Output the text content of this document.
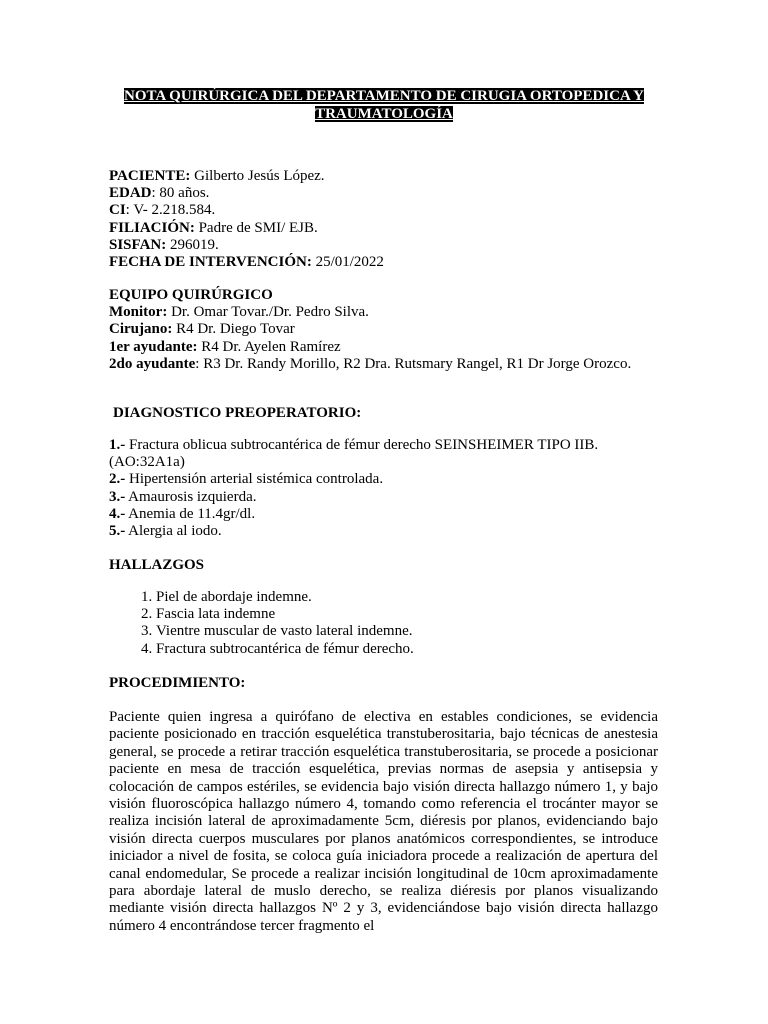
NOTA QUIRÚRGICA DEL DEPARTAMENTO DE CIRUGIA ORTOPEDICA Y
TRAUMATOLOGÍA
PACIENTE: Gilberto Jesús López.
EDAD: 80 años.
CI: V- 2.218.584.
FILIACIÓN: Padre de SMI/ EJB.
SISFAN: 296019.
FECHA DE INTERVENCIÓN: 25/01/2022
EQUIPO QUIRÚRGICO
Monitor: Dr. Omar Tovar./Dr. Pedro Silva.
Cirujano: R4 Dr. Diego Tovar
1er ayudante: R4 Dr. Ayelen Ramírez
2do ayudante: R3 Dr. Randy Morillo, R2 Dra. Rutsmary Rangel, R1 Dr Jorge Orozco.
DIAGNOSTICO PREOPERATORIO:
1.- Fractura oblicua subtrocantérica de fémur derecho SEINSHEIMER TIPO IIB.
(AO:32A1a)
2.- Hipertensión arterial sistémica controlada.
3.- Amaurosis izquierda.
4.- Anemia de 11.4gr/dl.
5.- Alergia al iodo.
HALLAZGOS
1. Piel de abordaje indemne.
2. Fascia lata indemne
3. Vientre muscular de vasto lateral indemne.
4. Fractura subtrocantérica de fémur derecho.
PROCEDIMIENTO:
Paciente quien ingresa a quirófano de electiva en estables condiciones, se evidencia paciente posicionado en tracción esquelética transtuberositaria, bajo técnicas de anestesia general, se procede a retirar tracción esquelética transtuberositaria, se procede a posicionar paciente en mesa de tracción esquelética, previas normas de asepsia y antisepsia y colocación de campos estériles, se evidencia bajo visión directa hallazgo número 1, y bajo visión fluoroscópica hallazgo número 4, tomando como referencia el trocánter mayor se realiza incisión lateral de aproximadamente 5cm, diéresis por planos, evidenciando bajo visión directa cuerpos musculares por planos anatómicos correspondientes, se introduce iniciador a nivel de fosita, se coloca guía iniciadora procede a realización de apertura del canal endomedular, Se procede a realizar incisión longitudinal de 10cm aproximadamente para abordaje lateral de muslo derecho, se realiza diéresis por planos visualizando mediante visión directa hallazgos Nº 2 y 3, evidenciándose bajo visión directa hallazgo número 4 encontrándose tercer fragmento el
